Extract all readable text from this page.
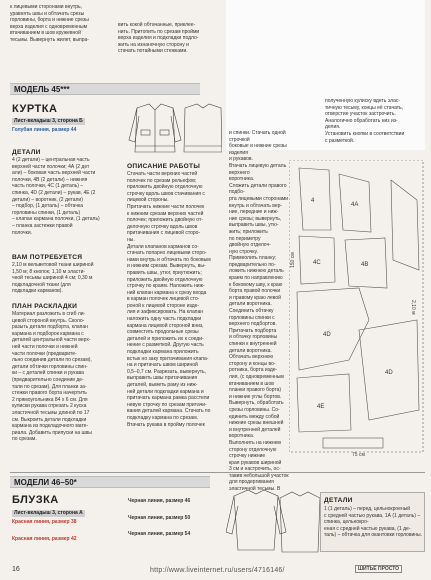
к лицевыми сторонами внутрь,
уравнять швы и обтачать срезы
горловины, борта и нижние срезы
верха изделия с одновременным
втачиванием в шов кружевной
тесьмы. Вывернуть жилет, выпра-
вить кокой обтачанные, приклее-
нить. Притопить по срезам пройми
верха изделия и подкладки подло-
жить на изнаночную сторону и
стачать потайными стежками.
МОДЕЛЬ 45***
КУРТКА
Лист-вкладыш 3, сторона Б
Голубая линия, размер 44
ДЕТАЛИ
4 (2 детали) – центральная часть
верхней части полочки; 4А (2 дет
али) – боковая часть верхней части
полочки, 4В (2 детали) – нижняя
часть полочки, 4С (1 деталь) –
спинка, 4D (2 детали) – рукав, 4Е (2
детали) – воротник, (2 детали)
– подбор, (1 деталь) – обтачка
горловины спинки, (1 деталь)
– клапан кармана полочки, (1 деталь)
– планка застежки правой
полочки.
ВАМ ПОТРЕБУЕТСЯ
2,10 м вельветовой ткани шириной
1,50 м; 8 кнопок; 1,10 м эласти-
чной тесьмы шириной 4 см; 0,30 м
подкладочной ткани (для
подкладки карманов).
ПЛАН РАСКЛАДКИ
Материал разложить в сгиб ли-
цевой стороной внутрь. Сколо-
разыть детали подборта, клапан
кармана и подборок кармана с
деталей центральной части верх-
ней части полочки и нижней
части полочки (предварите-
льно соединив детали по срезам),
детали обтачки горловины спин-
ки – с деталей спинки и рукава
(предварительно соединив де-
тали по срезам). Для планки за-
стежки правого борта начертить
2 прямоугольника 84 х 6 см. Для
кулиски рукава отрезать 2 куска
эластичной тесьмы длиной по 17
см. Выкроить детали подкладки
кармана из подкладочного мате-
риала. Добавить припуски на швы
по срезам.
ОПИСАНИЕ РАБОТЫ
Стачать части верхних частей
полочек по срезам рельефов;
приложить двойную отделочную
строчку вдоль швов стачивания с
лицевой стороны.
Притачать нижние части полочек
к нижним срезам верхних частей
полочек; приложить двойную от-
делочную строчку вдоль швов
притачивания с лицевой сторо-
ны.
Детали клапанов карманов со-
стачать попарно лицевыми сторо-
нами внутрь и обтачать по боковым
и нижним срезам. Вывернуть, вы-
править швы, утюг, приутюжить;
приложить двойную отделочную
строчку по краям. Наложить ниж-
ний клапан кармана к срезу входа
в карман полочек лицевой сто-
роной к лицевой стороне изде-
лия и зафиксировать. На клапан
наложить одну часть подкладки
кармана лицевой стороной вниз,
совместить продольные срезы
деталей и приложить их к соеди-
нение с разметкой. Другую часть
подкладки кармана приложить
встык но заку притачивания клапа-
на и притачать швом шириной
0,5–0,7 см. Разрезать, вывернуть,
выправить швы притачивания
деталей, выметь раму из ниж-
ней детали подкладки кармана и
притачать кармана рамка расстели
невую строчку по срезам притачи-
вания деталей кармана. Стачать по
подкладку кармана по срезам.
Втачать рукава в пройму полочек
и спинки. Стачать одной строчкой
боковые и нижние срезы изделия
и рукавов.
Втачать лицевую деталь верхнего
воротника.
Сложить детали правого подбо-
рта лицевыми сторонами
внутрь и обтачать вер-
ние, передние и ниж-
ние срезы; вывернуть,
выправить швы, утю-
жить; приложить
по периметру
двойную отделоч-
ную строчку.
Примеолить планку;
предварительно по-
ложить нижнюю деталь
краем по направлению
к боковому шву, к краю
борта правой полочки
и правому краю левой
детали воротника.
Соединить обтачку
горловины спинки с
верхнего подбортов.
Притачать подборта
и обтачку горловины
спинки к внутренней
детали воротника.
Обтачать верхнюю
сторону и концы во-
ротника, борта изде-
лия, (с одновременным
втачиванием в шов
планки правого борта)
и нижние углы бортов.
Вывернуть, обработать
срезы горловины. Со-
единить между собой
нижние срезы внешней
и внутренней деталей
воротника.
Выполнить на нижнем
сторону отделочную
строчку нижние
края рукавов шириной
3 см и настрочить, ос-
тавив небольшой участок
для продергивания
эластичной тесьмы. В
полученную кулиску вдеть элас-
тичную тесьму, концы её стачать,
отверстие участок застрочить.
Аналогично обработать низ из-
делия.
Установить кнопки в соответствии
с разметкой.
4
4A
4C	4B
4D
4D
4E
75 см
2,10 м
150 см
МОДЕЛИ 46–50*
БЛУЗКА
Лист-вкладыш 3, сторона А
Красная линия, размер 38
Красная линия, размер 42
Черная линия, размер 46
Черная линия, размер 50
Черная линия, размер 54
ДЕТАЛИ
1 (1 деталь) – перед, цельнокроеный
с средней частью рукава, 1А (1 деталь) – спинка, цельнокро-
еная с средней частью рукава, (1 де-
таль) – обтачка для окантовки горловины.
16	http://www.liveinternet.ru/users/4716146/	ШИТЬЕ ПРОСТО
